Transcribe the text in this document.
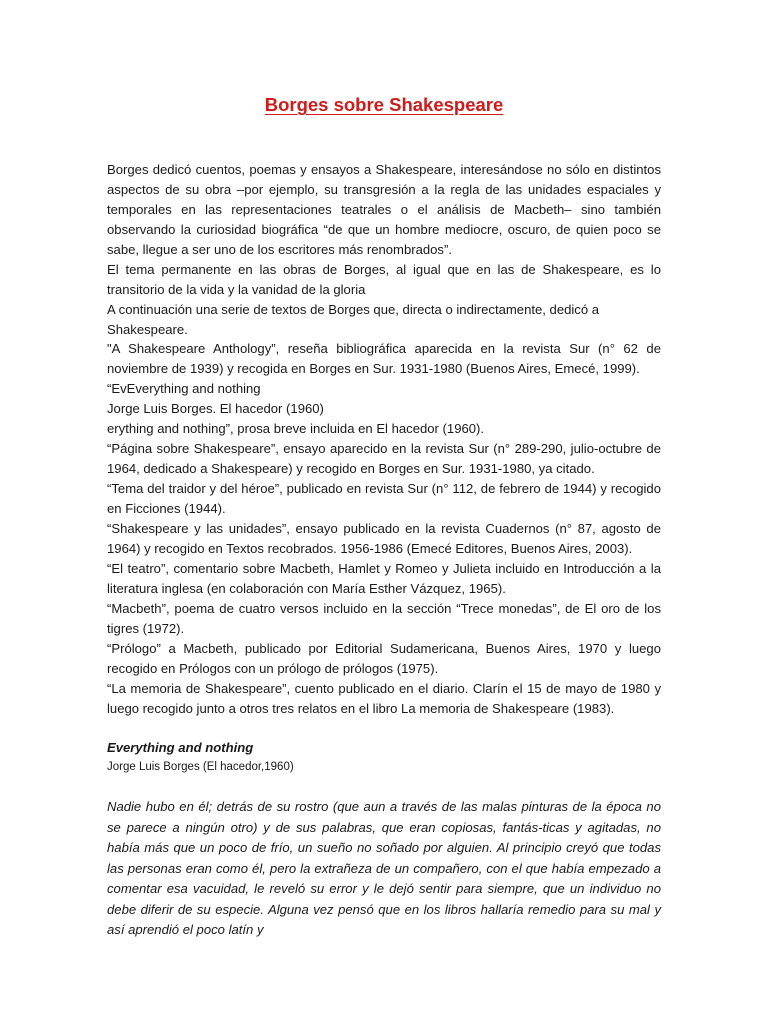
Borges sobre Shakespeare

Borges dedicó cuentos, poemas y ensayos a Shakespeare, interesándose no sólo en distintos aspectos de su obra –por ejemplo, su transgresión a la regla de las unidades espaciales y temporales en las representaciones teatrales o el análisis de Macbeth– sino también observando la curiosidad biográfica “de que un hombre mediocre, oscuro, de quien poco se sabe, llegue a ser uno de los escritores más renombrados”.

El tema permanente en las obras de Borges, al igual que en las de Shakespeare, es lo transitorio de la vida y la vanidad de la gloria

A continuación una serie de textos de Borges que, directa o indirectamente, dedicó a Shakespeare.

"A Shakespeare Anthology”, reseña bibliográfica aparecida en la revista Sur (n° 62 de noviembre de 1939) y recogida en Borges en Sur. 1931-1980 (Buenos Aires, Emecé, 1999).

“EvEverything and nothing

Jorge Luis Borges. El hacedor (1960)

erything and nothing”, prosa breve incluida en El hacedor (1960).

“Página sobre Shakespeare”, ensayo aparecido en la revista Sur (n° 289-290, julio-octubre de 1964, dedicado a Shakespeare) y recogido en Borges en Sur. 1931-1980, ya citado.

“Tema del traidor y del héroe”, publicado en revista Sur (n° 112, de febrero de 1944) y recogido en Ficciones (1944).

“Shakespeare y las unidades”, ensayo publicado en la revista Cuadernos (n° 87, agosto de 1964) y recogido en Textos recobrados. 1956-1986 (Emecé Editores, Buenos Aires, 2003).

“El teatro”, comentario sobre Macbeth, Hamlet y Romeo y Julieta incluido en Introducción a la literatura inglesa (en colaboración con María Esther Vázquez, 1965).

“Macbeth”, poema de cuatro versos incluido en la sección “Trece monedas”, de El oro de los tigres (1972).

“Prólogo” a Macbeth, publicado por Editorial Sudamericana, Buenos Aires, 1970 y luego recogido en Prólogos con un prólogo de prólogos (1975).

“La memoria de Shakespeare”, cuento publicado en el diario. Clarín el 15 de mayo de 1980 y luego recogido junto a otros tres relatos en el libro La memoria de Shakespeare (1983).

Everything and nothing

Jorge Luis Borges (El hacedor,1960)

Nadie hubo en él; detrás de su rostro (que aun a través de las malas pinturas de la época no se parece a ningún otro) y de sus palabras, que eran copiosas, fantás-ticas y agitadas, no había más que un poco de frío, un sueño no soñado por alguien. Al principio creyó que todas las personas eran como él, pero la extrañeza de un compañero, con el que había empezado a comentar esa vacuidad, le reveló su error y le dejó sentir para siempre, que un individuo no debe diferir de su especie. Alguna vez pensó que en los libros hallaría remedio para su mal y así aprendió el poco latín y
